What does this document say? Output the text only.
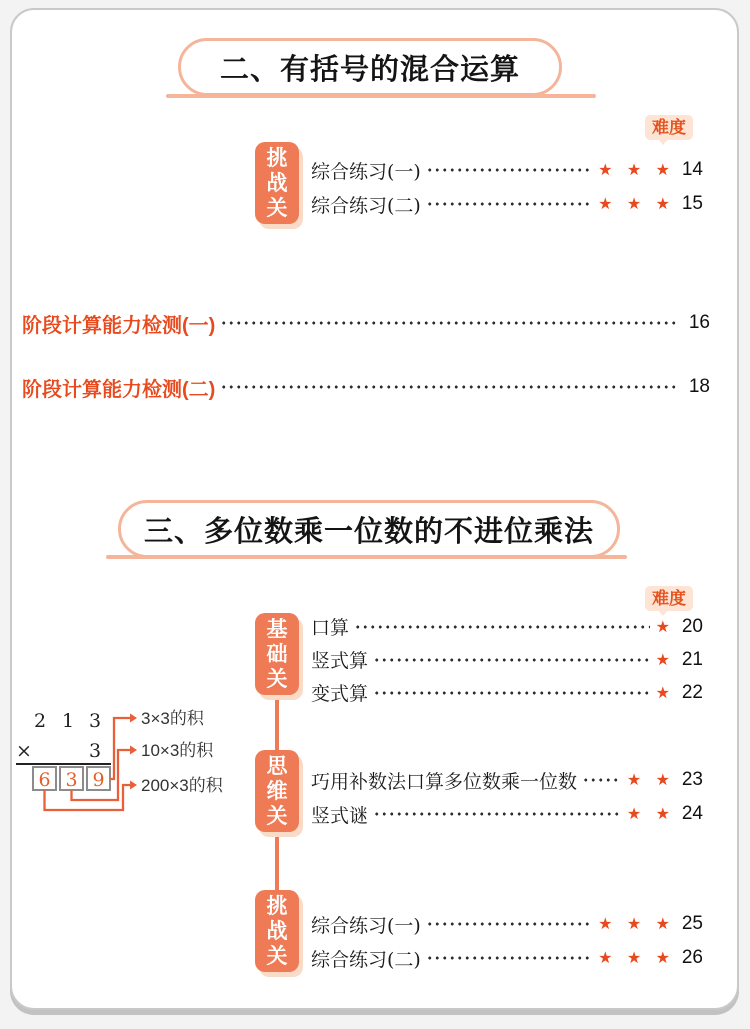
二、有括号的混合运算
难度
挑
战
关
综合练习(一)	★ ★ ★ 14
综合练习(二)	★ ★ ★ 15
阶段计算能力检测(一)	16
阶段计算能力检测(二)	18
三、多位数乘一位数的不进位乘法
难度
基
础
关
口算	★ 20
竖式算	★ 21
变式算	★ 22
思
维
关
巧用补数法口算多位数乘一位数	★ ★ 23
竖式谜	★ ★ 24
挑
战
关
综合练习(一)	★ ★ ★ 25
综合练习(二)	★ ★ ★ 26
2 1 3
×	3
6 3 9
3×3的积
10×3的积
200×3的积
